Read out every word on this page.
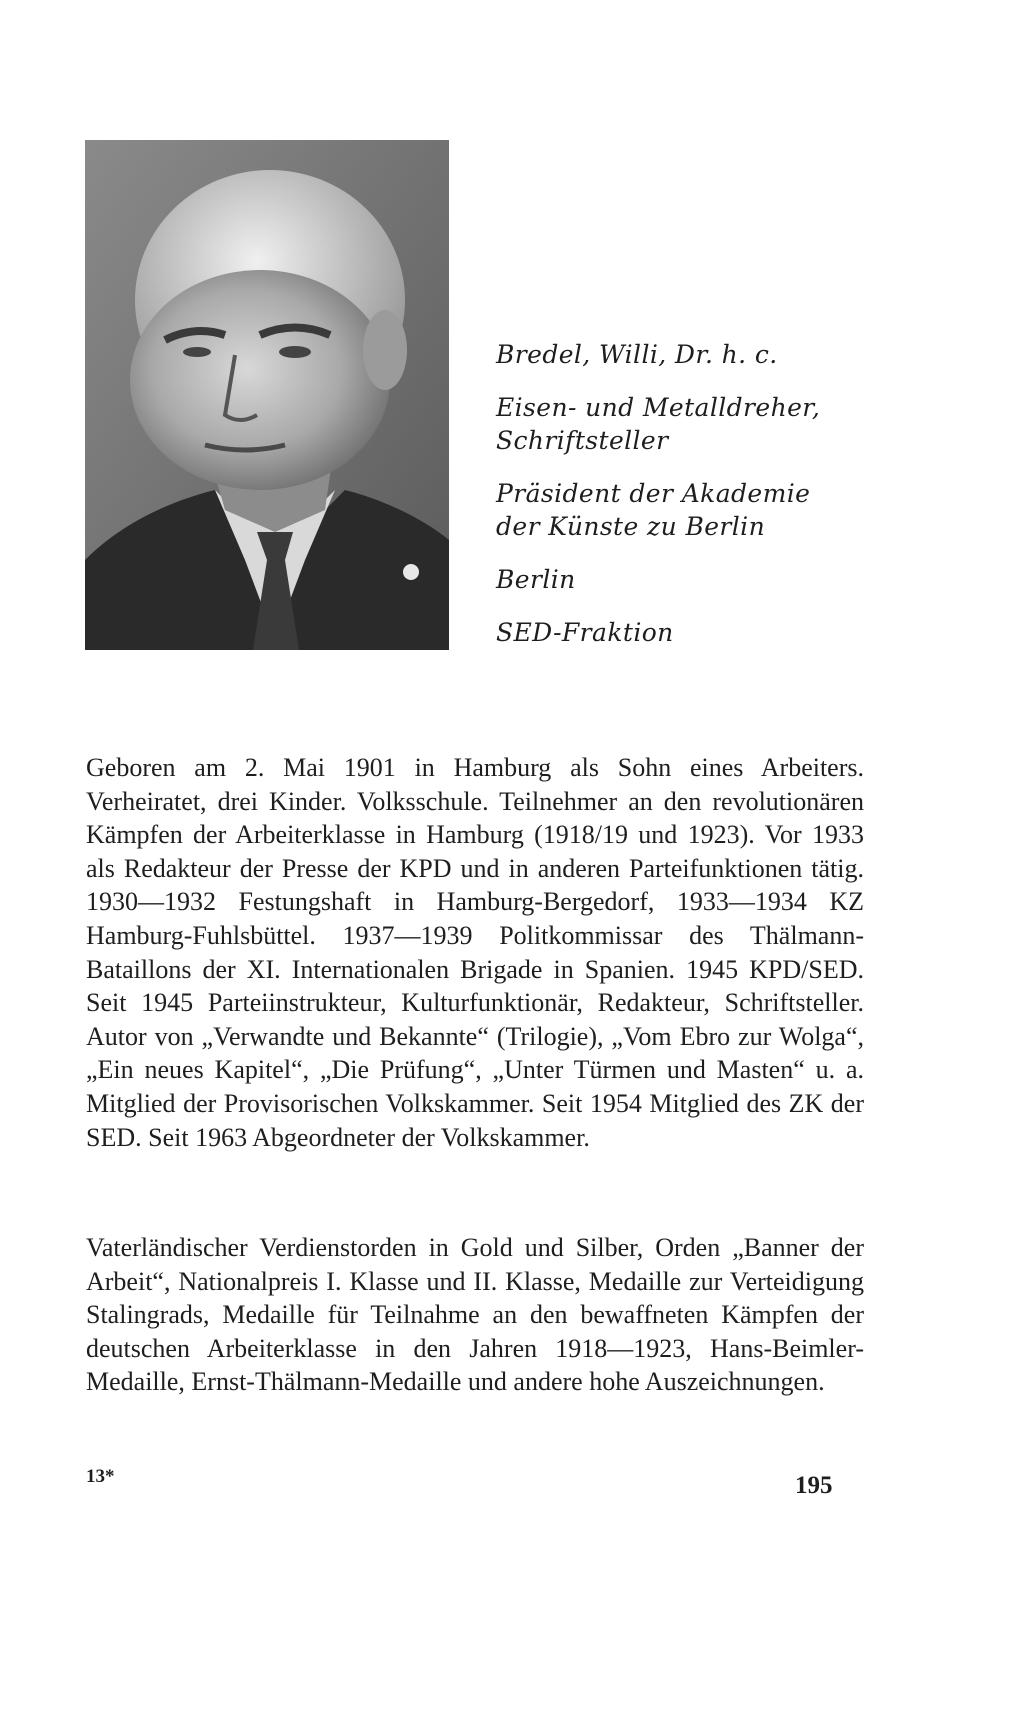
Bredel, Willi, Dr. h. c.
Eisen- und Metalldreher,
Schriftsteller
Präsident der Akademie
der Künste zu Berlin
Berlin
SED-Fraktion

Geboren am 2. Mai 1901 in Hamburg als Sohn eines Arbeiters. Verheiratet, drei Kinder. Volksschule. Teilnehmer an den revolutionären Kämpfen der Arbeiterklasse in Hamburg (1918/19 und 1923). Vor 1933 als Redakteur der Presse der KPD und in anderen Parteifunktionen tätig. 1930—1932 Festungshaft in Hamburg-Bergedorf, 1933—1934 KZ Hamburg-Fuhlsbüttel. 1937—1939 Politkommissar des Thälmann-Bataillons der XI. Internationalen Brigade in Spanien. 1945 KPD/SED. Seit 1945 Parteiinstrukteur, Kulturfunktionär, Redakteur, Schriftsteller. Autor von „Verwandte und Bekannte“ (Trilogie), „Vom Ebro zur Wolga“, „Ein neues Kapitel“, „Die Prüfung“, „Unter Türmen und Masten“ u. a. Mitglied der Provisorischen Volkskammer. Seit 1954 Mitglied des ZK der SED. Seit 1963 Abgeordneter der Volkskammer.

Vaterländischer Verdienstorden in Gold und Silber, Orden „Banner der Arbeit“, Nationalpreis I. Klasse und II. Klasse, Medaille zur Verteidigung Stalingrads, Medaille für Teilnahme an den bewaffneten Kämpfen der deutschen Arbeiterklasse in den Jahren 1918—1923, Hans-Beimler-Medaille, Ernst-Thälmann-Medaille und andere hohe Auszeichnungen.

13*	195
